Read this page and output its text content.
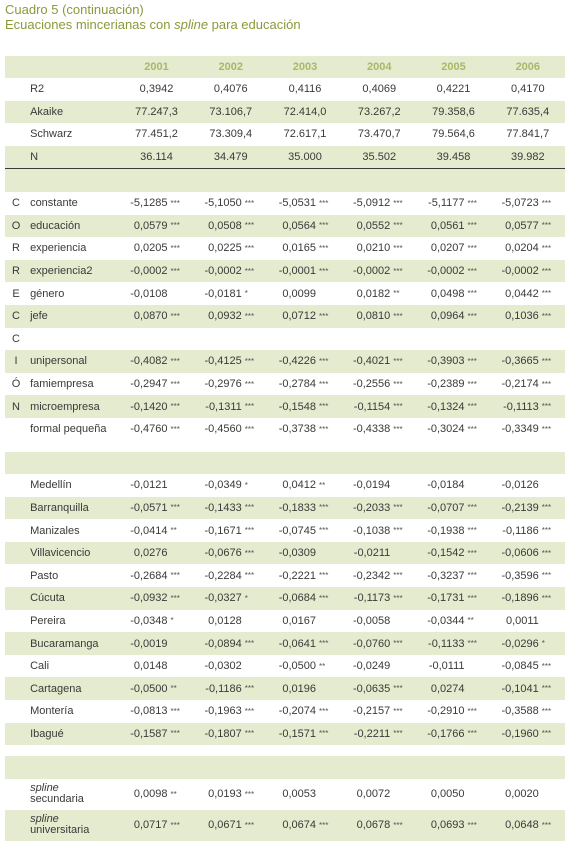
Cuadro 5 (continuación)
Ecuaciones mincerianas con spline para educación
		2001		2002		2003		2004		2005		2006	
	R2	0,3942		0,4076		0,4116		0,4069		0,4221		0,4170	
	Akaike	77.247,3		73.106,7		72.414,0		73.267,2		79.358,6		77.635,4	
	Schwarz	77.451,2		73.309,4		72.617,1		73.470,7		79.564,6		77.841,7	
	N	36.114		34.479		35.000		35.502		39.458		39.982	

C	constante	-5,1285	***	-5,1050	***	-5,0531	***	-5,0912	***	-5,1177	***	-5,0723	***
O	educación	0,0579	***	0,0508	***	0,0564	***	0,0552	***	0,0561	***	0,0577	***
R	experiencia	0,0205	***	0,0225	***	0,0165	***	0,0210	***	0,0207	***	0,0204	***
R	experiencia2	-0,0002	***	-0,0002	***	-0,0001	***	-0,0002	***	-0,0002	***	-0,0002	***
E	género	-0,0108		-0,0181	*	0,0099		0,0182	**	0,0498	***	0,0442	***
C	jefe	0,0870	***	0,0932	***	0,0712	***	0,0810	***	0,0964	***	0,1036	***
C													
I	unipersonal	-0,4082	***	-0,4125	***	-0,4226	***	-0,4021	***	-0,3903	***	-0,3665	***
Ó	famiempresa	-0,2947	***	-0,2976	***	-0,2784	***	-0,2556	***	-0,2389	***	-0,2174	***
N	microempresa	-0,1420	***	-0,1311	***	-0,1548	***	-0,1154	***	-0,1324	***	-0,1113	***
	formal pequeña	-0,4760	***	-0,4560	***	-0,3738	***	-0,4338	***	-0,3024	***	-0,3349	***

	Medellín	-0,0121		-0,0349	*	0,0412	**	-0,0194		-0,0184		-0,0126	
	Barranquilla	-0,0571	***	-0,1433	***	-0,1833	***	-0,2033	***	-0,0707	***	-0,2139	***
	Manizales	-0,0414	**	-0,1671	***	-0,0745	***	-0,1038	***	-0,1938	***	-0,1186	***
	Villavicencio	0,0276		-0,0676	***	-0,0309		-0,0211		-0,1542	***	-0,0606	***
	Pasto	-0,2684	***	-0,2284	***	-0,2221	***	-0,2342	***	-0,3237	***	-0,3596	***
	Cúcuta	-0,0932	***	-0,0327	*	-0,0684	***	-0,1173	***	-0,1731	***	-0,1896	***
	Pereira	-0,0348	*	0,0128		0,0167		-0,0058		-0,0344	**	0,0011	
	Bucaramanga	-0,0019		-0,0894	***	-0,0641	***	-0,0760	***	-0,1133	***	-0,0296	*
	Cali	0,0148		-0,0302		-0,0500	**	-0,0249		-0,0111		-0,0845	***
	Cartagena	-0,0500	**	-0,1186	***	0,0196		-0,0635	***	0,0274		-0,1041	***
	Montería	-0,0813	***	-0,1963	***	-0,2074	***	-0,2157	***	-0,2910	***	-0,3588	***
	Ibagué	-0,1587	***	-0,1807	***	-0,1571	***	-0,2211	***	-0,1766	***	-0,1960	***

	spline
secundaria	0,0098	**	0,0193	***	0,0053		0,0072		0,0050		0,0020	
	spline
universitaria	0,0717	***	0,0671	***	0,0674	***	0,0678	***	0,0693	***	0,0648	***
